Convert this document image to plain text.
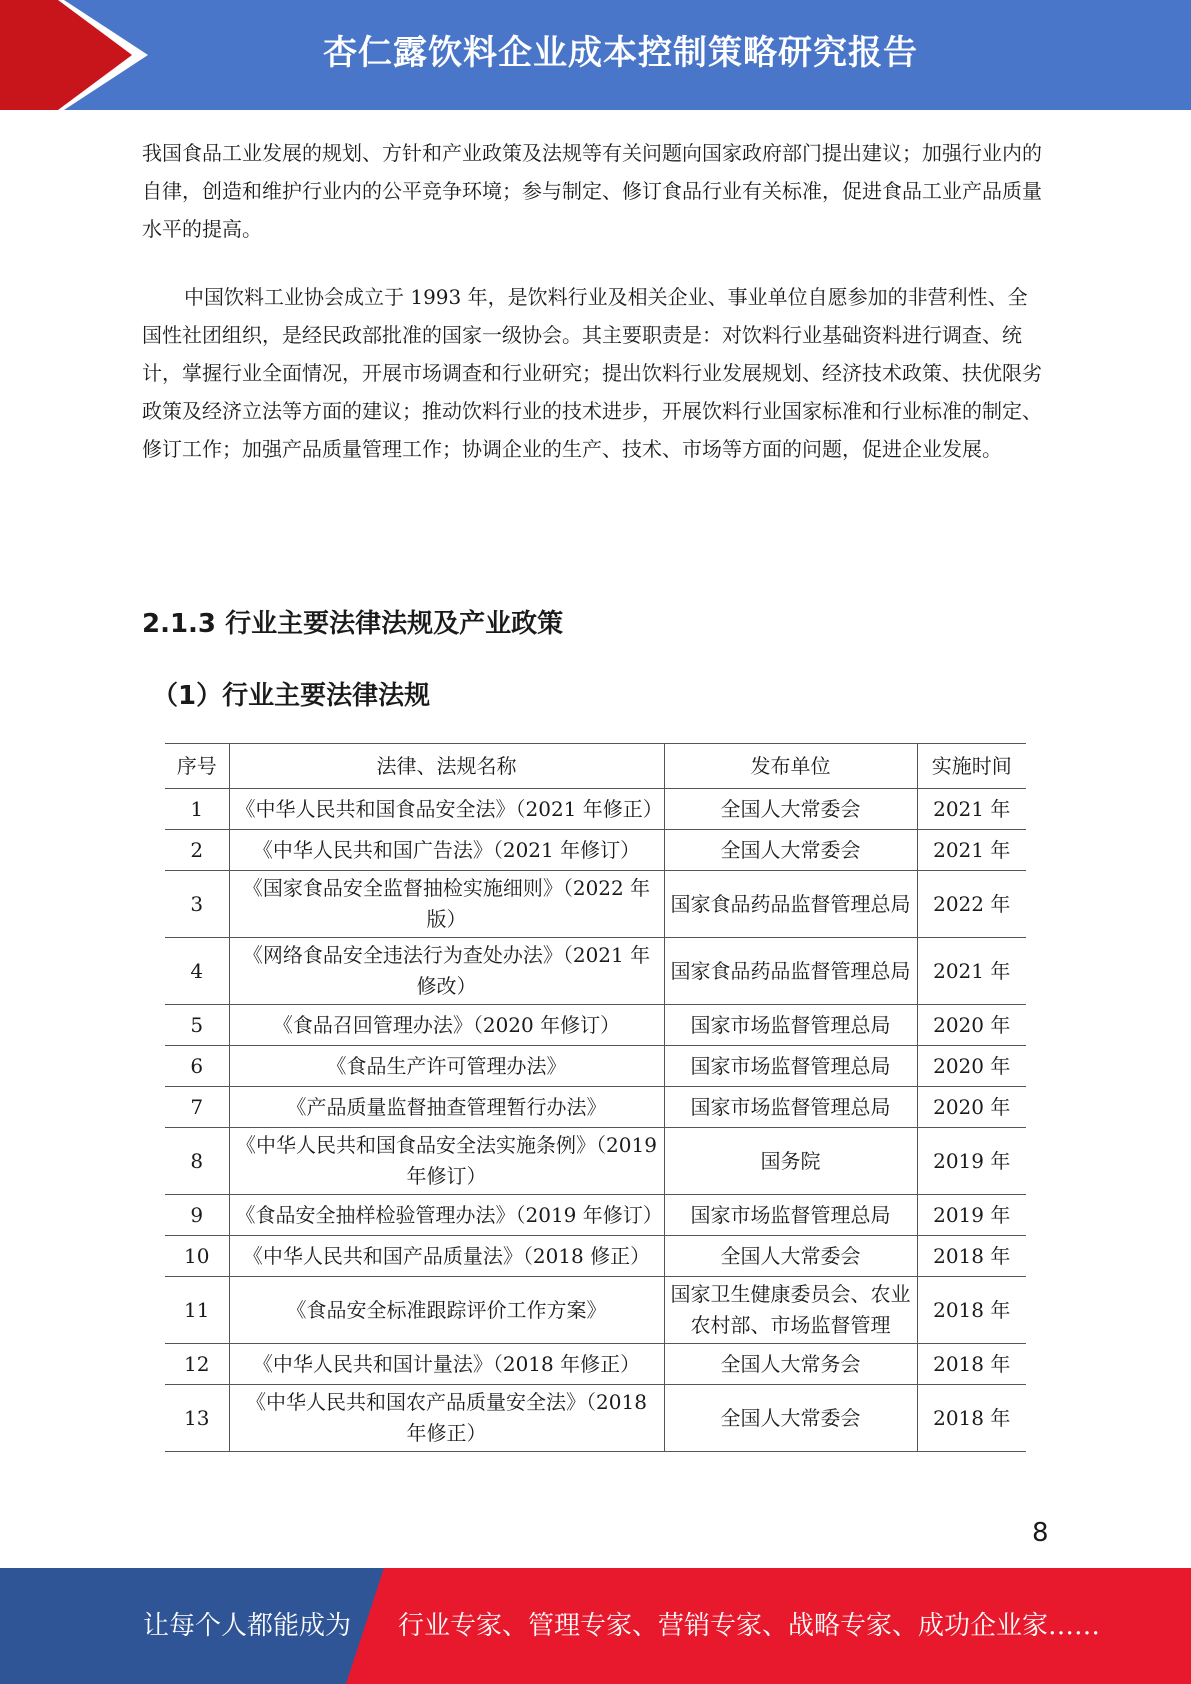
杏仁露饮料企业成本控制策略研究报告
我国食品工业发展的规划、方针和产业政策及法规等有关问题向国家政府部门提出建议；加强行业内的自律，创造和维护行业内的公平竞争环境；参与制定、修订食品行业有关标准，促进食品工业产品质量水平的提高。
中国饮料工业协会成立于 1993 年，是饮料行业及相关企业、事业单位自愿参加的非营利性、全国性社团组织，是经民政部批准的国家一级协会。其主要职责是：对饮料行业基础资料进行调查、统计，掌握行业全面情况，开展市场调查和行业研究；提出饮料行业发展规划、经济技术政策、扶优限劣政策及经济立法等方面的建议；推动饮料行业的技术进步，开展饮料行业国家标准和行业标准的制定、修订工作；加强产品质量管理工作；协调企业的生产、技术、市场等方面的问题，促进企业发展。
2.1.3 行业主要法律法规及产业政策
（1）行业主要法律法规
序号	法律、法规名称	发布单位	实施时间
1	《中华人民共和国食品安全法》（2021 年修正）	全国人大常委会	2021 年
2	《中华人民共和国广告法》（2021 年修订）	全国人大常委会	2021 年
3	《国家食品安全监督抽检实施细则》（2022 年版）	国家食品药品监督管理总局	2022 年
4	《网络食品安全违法行为查处办法》（2021 年修改）	国家食品药品监督管理总局	2021 年
5	《食品召回管理办法》（2020 年修订）	国家市场监督管理总局	2020 年
6	《食品生产许可管理办法》	国家市场监督管理总局	2020 年
7	《产品质量监督抽查管理暂行办法》	国家市场监督管理总局	2020 年
8	《中华人民共和国食品安全法实施条例》（2019 年修订）	国务院	2019 年
9	《食品安全抽样检验管理办法》（2019 年修订）	国家市场监督管理总局	2019 年
10	《中华人民共和国产品质量法》（2018 修正）	全国人大常委会	2018 年
11	《食品安全标准跟踪评价工作方案》	国家卫生健康委员会、农业农村部、市场监督管理	2018 年
12	《中华人民共和国计量法》（2018 年修正）	全国人大常务会	2018 年
13	《中华人民共和国农产品质量安全法》（2018 年修正）	全国人大常委会	2018 年
8
让每个人都能成为 行业专家、管理专家、营销专家、战略专家、成功企业家……
